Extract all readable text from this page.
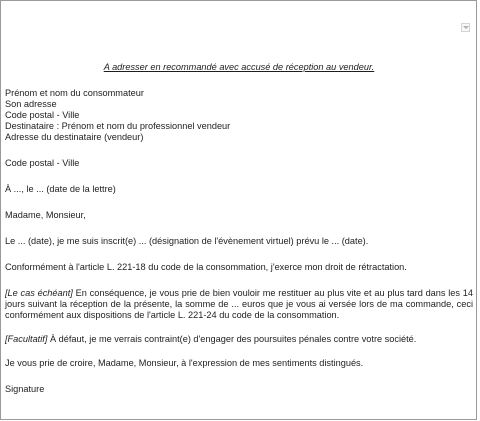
A adresser en recommandé avec accusé de réception au vendeur.

Prénom et nom du consommateur

Son adresse

Code postal - Ville

Destinataire : Prénom et nom du professionnel vendeur

Adresse du destinataire (vendeur)

Code postal - Ville

À ..., le ... (date de la lettre)

Madame, Monsieur,

Le ... (date), je me suis inscrit(e) ... (désignation de l'évènement virtuel) prévu le ... (date).

Conformément à l'article L. 221-18 du code de la consommation, j'exerce mon droit de rétractation.

[Le cas échéant] En conséquence, je vous prie de bien vouloir me restituer au plus vite et au plus tard dans les 14 jours suivant la réception de la présente, la somme de ... euros que je vous ai versée lors de ma commande, ceci conformément aux dispositions de l'article L. 221-24 du code de la consommation.

[Facultatif] À défaut, je me verrais contraint(e) d'engager des poursuites pénales contre votre société.

Je vous prie de croire, Madame, Monsieur, à l'expression de mes sentiments distingués.

Signature
